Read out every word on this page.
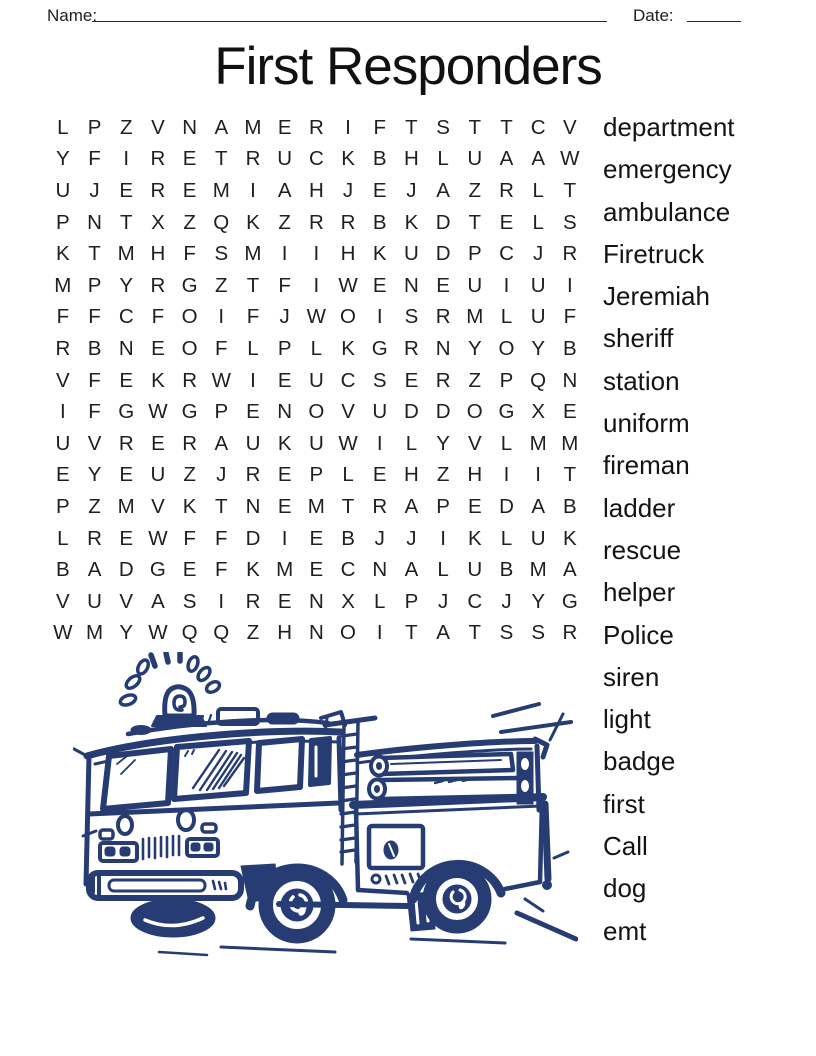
Name:	Date:
First Responders
L P Z V N A M E R	I	F T S T T C V
Y F	I	R E T R U C K B H L U A A W
U J E R E M I	A H J E J A Z R L T
P N T X Z Q K Z R R B K D T E L S
K T M H F S M I	I	H K U D P C J R
M P Y R G Z T F	I W E N E U	I	U	I
F F C F O	I	F J W O	I	S R M L U F
R B N E O F L P L K G R N Y O Y B
V F E K R W I	E U C S E R Z P Q N
I	F G W G P E N O V U D D O G X E
U V R E R A U K U W I	L Y V L M M
E Y E U Z J R E P L E H Z H	I	I	T
P Z M V K T N E M T R A P E D A B
L R E W F F D	I	E B J	J	I	K L U K
B A D G E F K M E C N A L U B M A
V U V A S	I	R E N X L P J C J Y G
W M Y W Q Q Z H N O	I	T A T S S R
department
emergency
ambulance
Firetruck
Jeremiah
sheriff
station
uniform
fireman
ladder
rescue
helper
Police
siren
light
badge
first
Call
dog
emt
